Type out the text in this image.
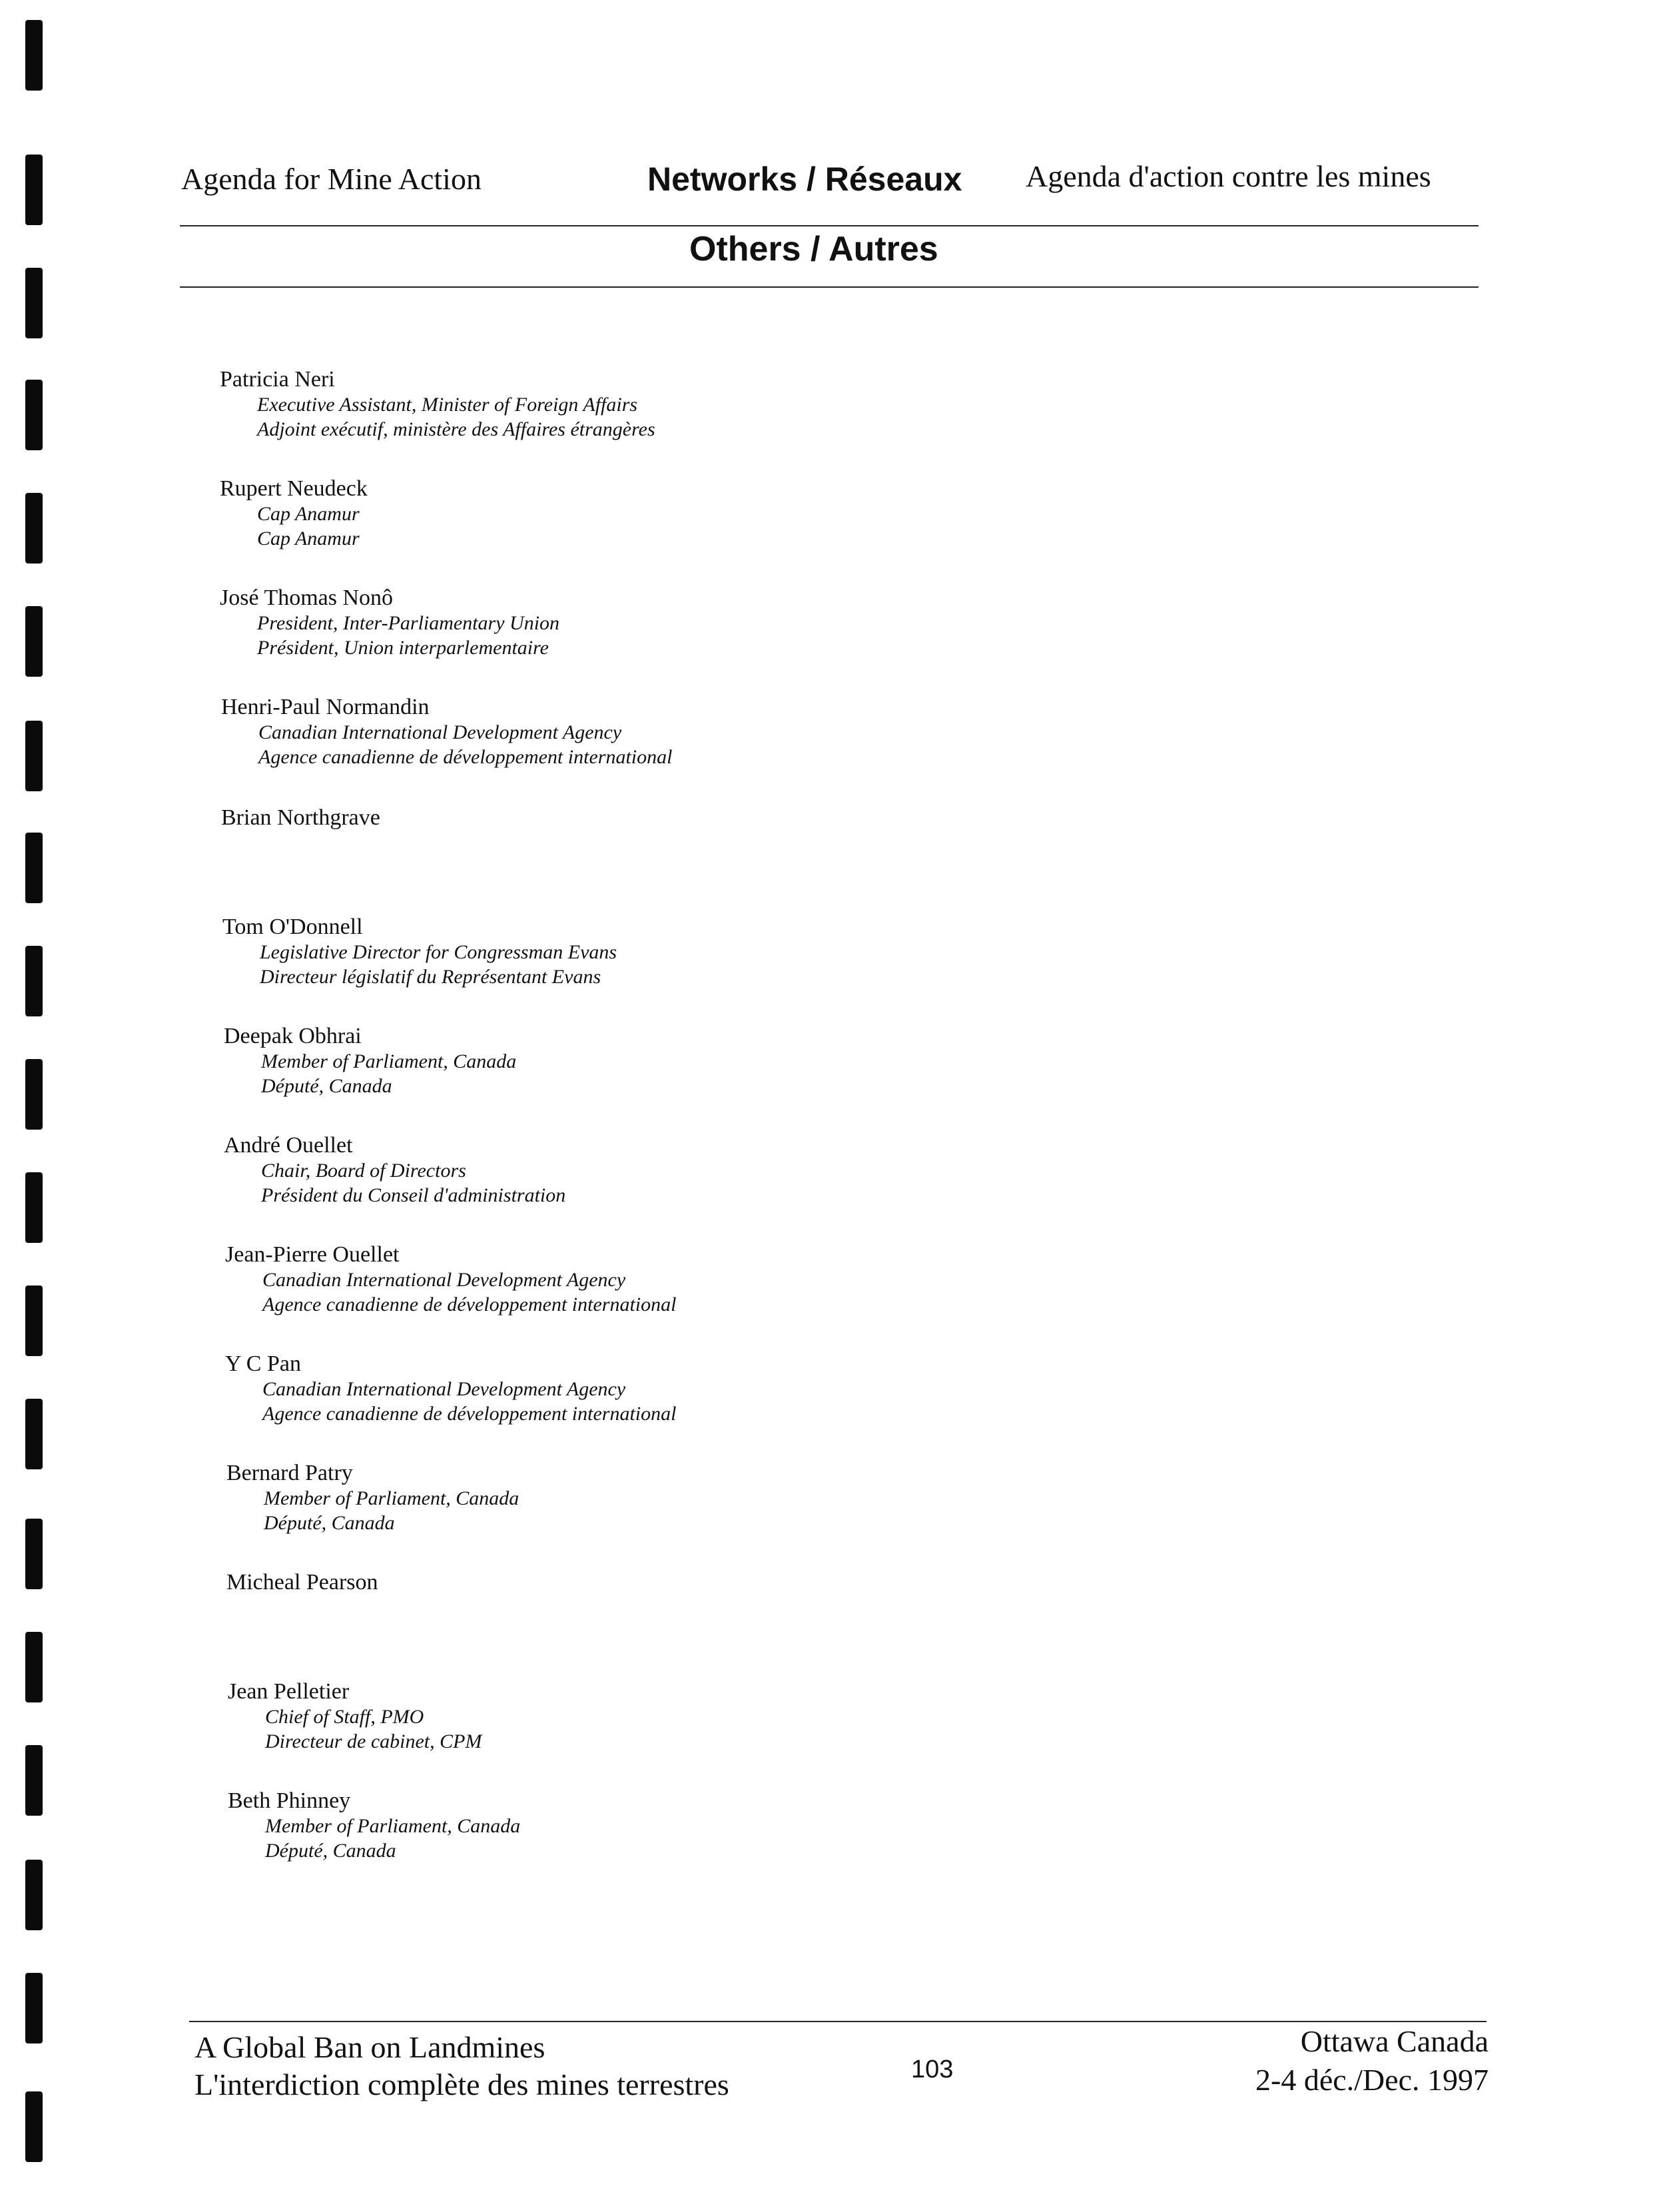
Agenda for Mine Action	Networks / Réseaux Agenda d'action contre les mines
Others / Autres
Patricia Neri
Executive Assistant, Minister of Foreign Affairs
Adjoint exécutif, ministère des Affaires étrangères
Rupert Neudeck
Cap Anamur
Cap Anamur
José Thomas Nonô
President, Inter-Parliamentary Union
Président, Union interparlementaire
Henri-Paul Normandin
Canadian International Development Agency
Agence canadienne de développement international
Brian Northgrave
Tom O'Donnell
Legislative Director for Congressman Evans
Directeur législatif du Représentant Evans
Deepak Obhrai
Member of Parliament, Canada
Député, Canada
André Ouellet
Chair, Board of Directors
Président du Conseil d'administration
Jean-Pierre Ouellet
Canadian International Development Agency
Agence canadienne de développement international
Y C Pan
Canadian International Development Agency
Agence canadienne de développement international
Bernard Patry
Member of Parliament, Canada
Député, Canada
Micheal Pearson
Jean Pelletier
Chief of Staff, PMO
Directeur de cabinet, CPM
Beth Phinney
Member of Parliament, Canada
Député, Canada
A Global Ban on Landmines
L'interdiction complète des mines terrestres	103
Ottawa Canada
2-4 déc./Dec. 1997
